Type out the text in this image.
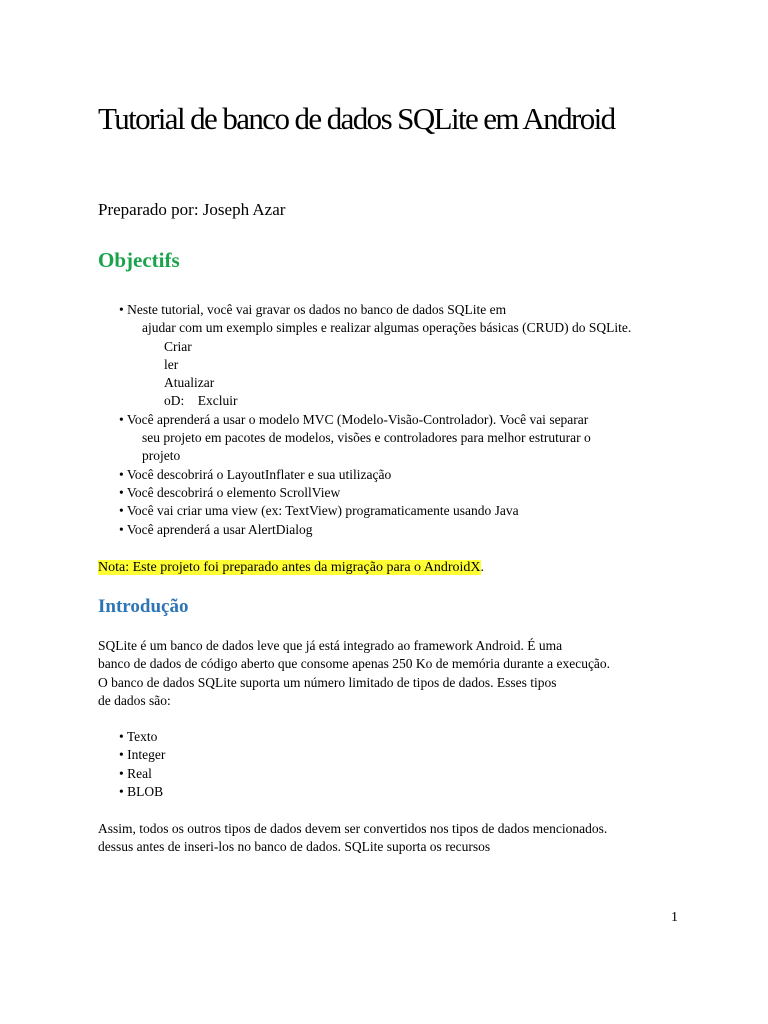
Tutorial de banco de dados SQLite em Android
Preparado por: Joseph Azar
Objectifs
• Neste tutorial, você vai gravar os dados no banco de dados SQLite em
ajudar com um exemplo simples e realizar algumas operações básicas (CRUD) do SQLite.
Criar
ler
Atualizar
oD:    Excluir
• Você aprenderá a usar o modelo MVC (Modelo-Visão-Controlador). Você vai separar
seu projeto em pacotes de modelos, visões e controladores para melhor estruturar o
projeto
• Você descobrirá o LayoutInflater e sua utilização
• Você descobrirá o elemento ScrollView
• Você vai criar uma view (ex: TextView) programaticamente usando Java
• Você aprenderá a usar AlertDialog
Nota: Este projeto foi preparado antes da migração para o AndroidX.
Introdução
SQLite é um banco de dados leve que já está integrado ao framework Android. É uma
banco de dados de código aberto que consome apenas 250 Ko de memória durante a execução.
O banco de dados SQLite suporta um número limitado de tipos de dados. Esses tipos
de dados são:
• Texto
• Integer
• Real
• BLOB
Assim, todos os outros tipos de dados devem ser convertidos nos tipos de dados mencionados.
dessus antes de inseri-los no banco de dados. SQLite suporta os recursos
1
